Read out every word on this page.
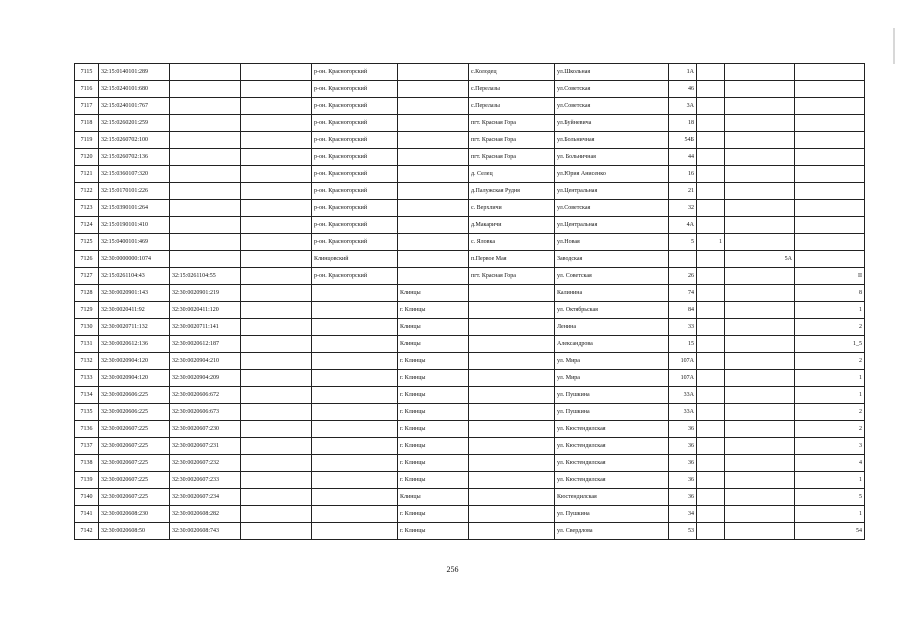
7115	32:15:0140101:289			р-он. Красногорский		с.Колодец	ул.Школьная	1А			
7116	32:15:0240101:680			р-он. Красногорский		с.Перелазы	ул.Советская	46			
7117	32:15:0240101:767			р-он. Красногорский		с.Перелазы	ул.Советская	3А			
7118	32:15:0260201:259			р-он. Красногорский		пгт. Красная Гора	ул.Буйневича	18			
7119	32:15:0260702:100			р-он. Красногорский		пгт. Красная Гора	ул.Больничная	54Б			
7120	32:15:0260702:136			р-он. Красногорский		пгт. Красная Гора	ул. Больничная	44			
7121	32:15:0360107:320			р-он. Красногорский		д. Селец	ул.Юрия Анисенко	16			
7122	32:15:0170101:226			р-он. Красногорский		д.Палужская Рудня	ул.Центральная	21			
7123	32:15:0390101:264			р-он. Красногорский		с. Верхличи	ул.Советская	32			
7124	32:15:0190101:410			р-он. Красногорский		д.Макаричи	ул.Центральная	4А			
7125	32:15:0400101:469			р-он. Красногорский		с. Яловка	ул.Новая	5	1		
7126	32:30:0000000:1074			Клинцовский		п.Первое Мая	Заводская			5А	
7127	32:15:0261104:43	32:15:0261104:55		р-он. Красногорский		пгт. Красная Гора	ул. Советская	26			II
7128	32:30:0020901:143	32:30:0020901:219			Клинцы		Калинина	74			8
7129	32:30:0020411:92	32:30:0020411:120			г. Клинцы		ул. Октябрьская	84			1
7130	32:30:0020711:132	32:30:0020711:141			Клинцы		Ленина	33			2
7131	32:30:0020612:136	32:30:0020612:187			Клинцы		Александрова	15			1_5
7132	32:30:0020904:120	32:30:0020904:210			г. Клинцы		ул. Мира	107А			2
7133	32:30:0020904:120	32:30:0020904:209			г. Клинцы		ул. Мира	107А			1
7134	32:30:0020606:225	32:30:0020606:672			г. Клинцы		ул. Пушкина	33А			1
7135	32:30:0020606:225	32:30:0020606:673			г. Клинцы		ул. Пушкина	33А			2
7136	32:30:0020607:225	32:30:0020607:230			г. Клинцы		ул. Кюстендилская	36			2
7137	32:30:0020607:225	32:30:0020607:231			г. Клинцы		ул. Кюстендилская	36			3
7138	32:30:0020607:225	32:30:0020607:232			г. Клинцы		ул. Кюстендилская	36			4
7139	32:30:0020607:225	32:30:0020607:233			г. Клинцы		ул. Кюстендилская	36			1
7140	32:30:0020607:225	32:30:0020607:234			Клинцы		Кюстендилская	36			5
7141	32:30:0020608:230	32:30:0020608:282			г. Клинцы		ул. Пушкина	34			1
7142	32:30:0020608:50	32:30:0020608:743			г. Клинцы		ул. Свердлова	53			54
256
